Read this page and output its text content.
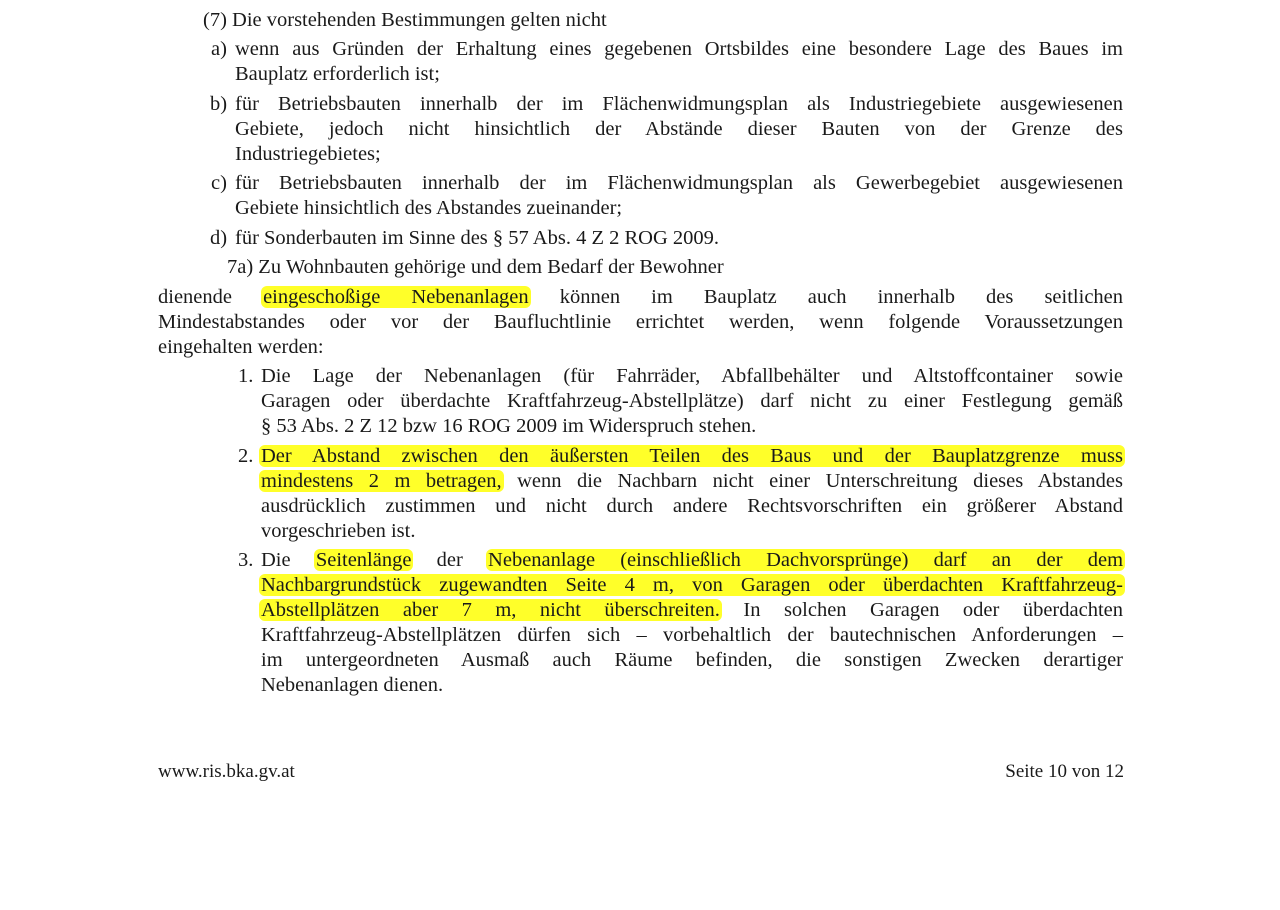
(7) Die vorstehenden Bestimmungen gelten nicht
a) wenn aus Gründen der Erhaltung eines gegebenen Ortsbildes eine besondere Lage des Baues im
Bauplatz erforderlich ist;
b) für Betriebsbauten innerhalb der im Flächenwidmungsplan als Industriegebiete ausgewiesenen
Gebiete, jedoch nicht hinsichtlich der Abstände dieser Bauten von der Grenze des
Industriegebietes;
c) für Betriebsbauten innerhalb der im Flächenwidmungsplan als Gewerbegebiet ausgewiesenen
Gebiete hinsichtlich des Abstandes zueinander;
d) für Sonderbauten im Sinne des § 57 Abs. 4 Z 2 ROG 2009.
7a) Zu Wohnbauten gehörige und dem Bedarf der Bewohner
dienende eingeschoßige Nebenanlagen können im Bauplatz auch innerhalb des seitlichen
Mindestabstandes oder vor der Baufluchtlinie errichtet werden, wenn folgende Voraussetzungen
eingehalten werden:
1. Die Lage der Nebenanlagen (für Fahrräder, Abfallbehälter und Altstoffcontainer sowie
Garagen oder überdachte Kraftfahrzeug-Abstellplätze) darf nicht zu einer Festlegung gemäß
§ 53 Abs. 2 Z 12 bzw 16 ROG 2009 im Widerspruch stehen.
2. Der Abstand zwischen den äußersten Teilen des Baus und der Bauplatzgrenze muss
mindestens 2 m betragen, wenn die Nachbarn nicht einer Unterschreitung dieses Abstandes
ausdrücklich zustimmen und nicht durch andere Rechtsvorschriften ein größerer Abstand
vorgeschrieben ist.
3. Die Seitenlänge der Nebenanlage (einschließlich Dachvorsprünge) darf an der dem
Nachbargrundstück zugewandten Seite 4 m, von Garagen oder überdachten Kraftfahrzeug-
Abstellplätzen aber 7 m, nicht überschreiten. In solchen Garagen oder überdachten
Kraftfahrzeug-Abstellplätzen dürfen sich – vorbehaltlich der bautechnischen Anforderungen –
im untergeordneten Ausmaß auch Räume befinden, die sonstigen Zwecken derartiger
Nebenanlagen dienen.
www.ris.bka.gv.at	Seite 10 von 12
